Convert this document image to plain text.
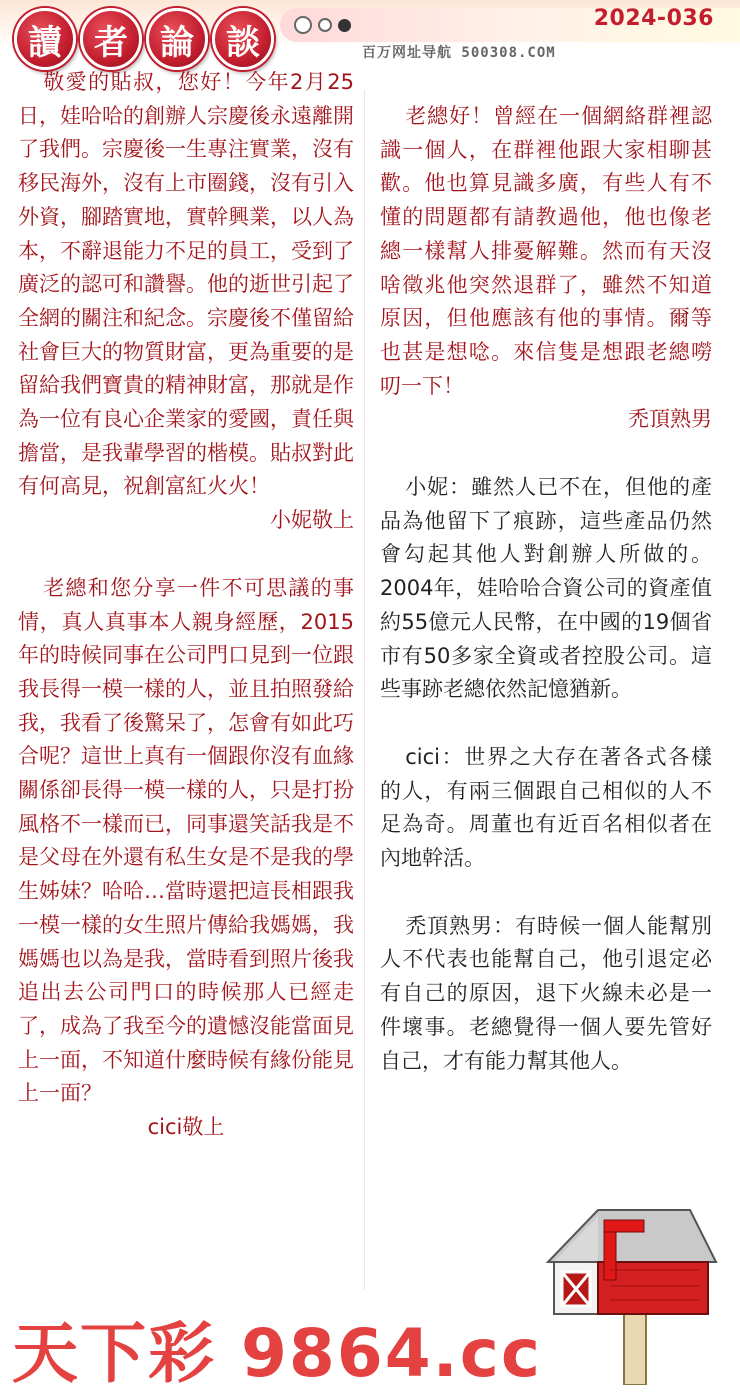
讀 者 論 談
2024-036
百万网址导航 500308.COM

敬愛的貼叔，您好！今年2月25日，娃哈哈的創辦人宗慶後永遠離開了我們。宗慶後一生專注實業，沒有移民海外，沒有上市圈錢，沒有引入外資，腳踏實地，實幹興業，以人為本，不辭退能力不足的員工，受到了廣泛的認可和讚譽。他的逝世引起了全網的關注和紀念。宗慶後不僅留給社會巨大的物質財富，更為重要的是留給我們寶貴的精神財富，那就是作為一位有良心企業家的愛國，責任與擔當，是我輩學習的楷模。貼叔對此有何高見，祝創富紅火火！

小妮敬上

老總和您分享一件不可思議的事情，真人真事本人親身經歷，2015年的時候同事在公司門口見到一位跟我長得一模一樣的人，並且拍照發給我，我看了後驚呆了，怎會有如此巧合呢？這世上真有一個跟你沒有血緣關係卻長得一模一樣的人，只是打扮風格不一樣而已，同事還笑話我是不是父母在外還有私生女是不是我的學生姊妹？哈哈…當時還把這長相跟我一模一樣的女生照片傳給我媽媽，我媽媽也以為是我，當時看到照片後我追出去公司門口的時候那人已經走了，成為了我至今的遺憾沒能當面見上一面，不知道什麼時候有緣份能見上一面？

cici敬上

老總好！曾經在一個網絡群裡認識一個人，在群裡他跟大家相聊甚歡。他也算見識多廣，有些人有不懂的問題都有請教過他，他也像老總一樣幫人排憂解難。然而有天沒啥徵兆他突然退群了，雖然不知道原因，但他應該有他的事情。爾等也甚是想唸。來信隻是想跟老總嘮叨一下！

禿頂熟男

小妮：雖然人已不在，但他的產品為他留下了痕跡，這些產品仍然會勾起其他人對創辦人所做的。2004年，娃哈哈合資公司的資產值約55億元人民幣，在中國的19個省市有50多家全資或者控股公司。這些事跡老總依然記憶猶新。

cici：世界之大存在著各式各樣的人，有兩三個跟自己相似的人不足為奇。周董也有近百名相似者在內地幹活。

禿頂熟男：有時候一個人能幫別人不代表也能幫自己，他引退定必有自己的原因，退下火線未必是一件壞事。老總覺得一個人要先管好自己，才有能力幫其他人。

天下彩 9864.cc
